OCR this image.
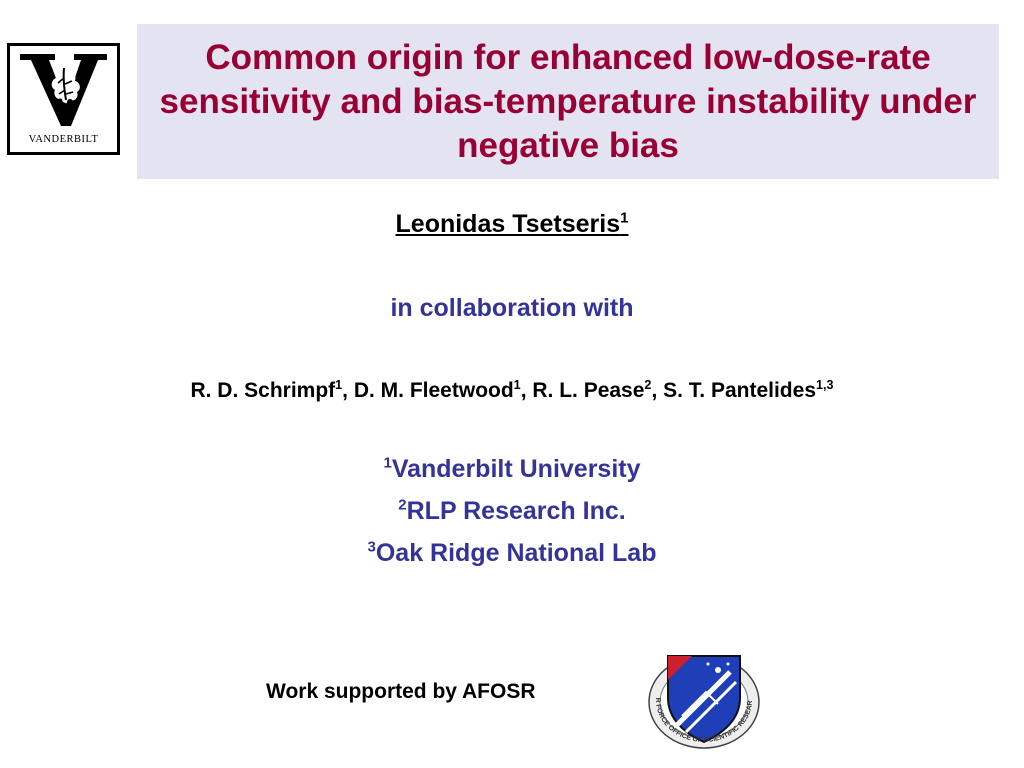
VANDERBILT
Common origin for enhanced low-dose-rate sensitivity and bias-temperature instability under negative bias
Leonidas Tsetseris$^1$
in collaboration with
R. D. Schrimpf$^1$, D. M. Fleetwood$^1$, R. L. Pease$^2$, S. T. Pantelides$^{1,3}$
$^1$Vanderbilt University
$^2$RLP Research Inc.
$^3$Oak Ridge National Lab
Work supported by AFOSR	R FORCE OFFICE OF SCIENTIFIC RESEAR
